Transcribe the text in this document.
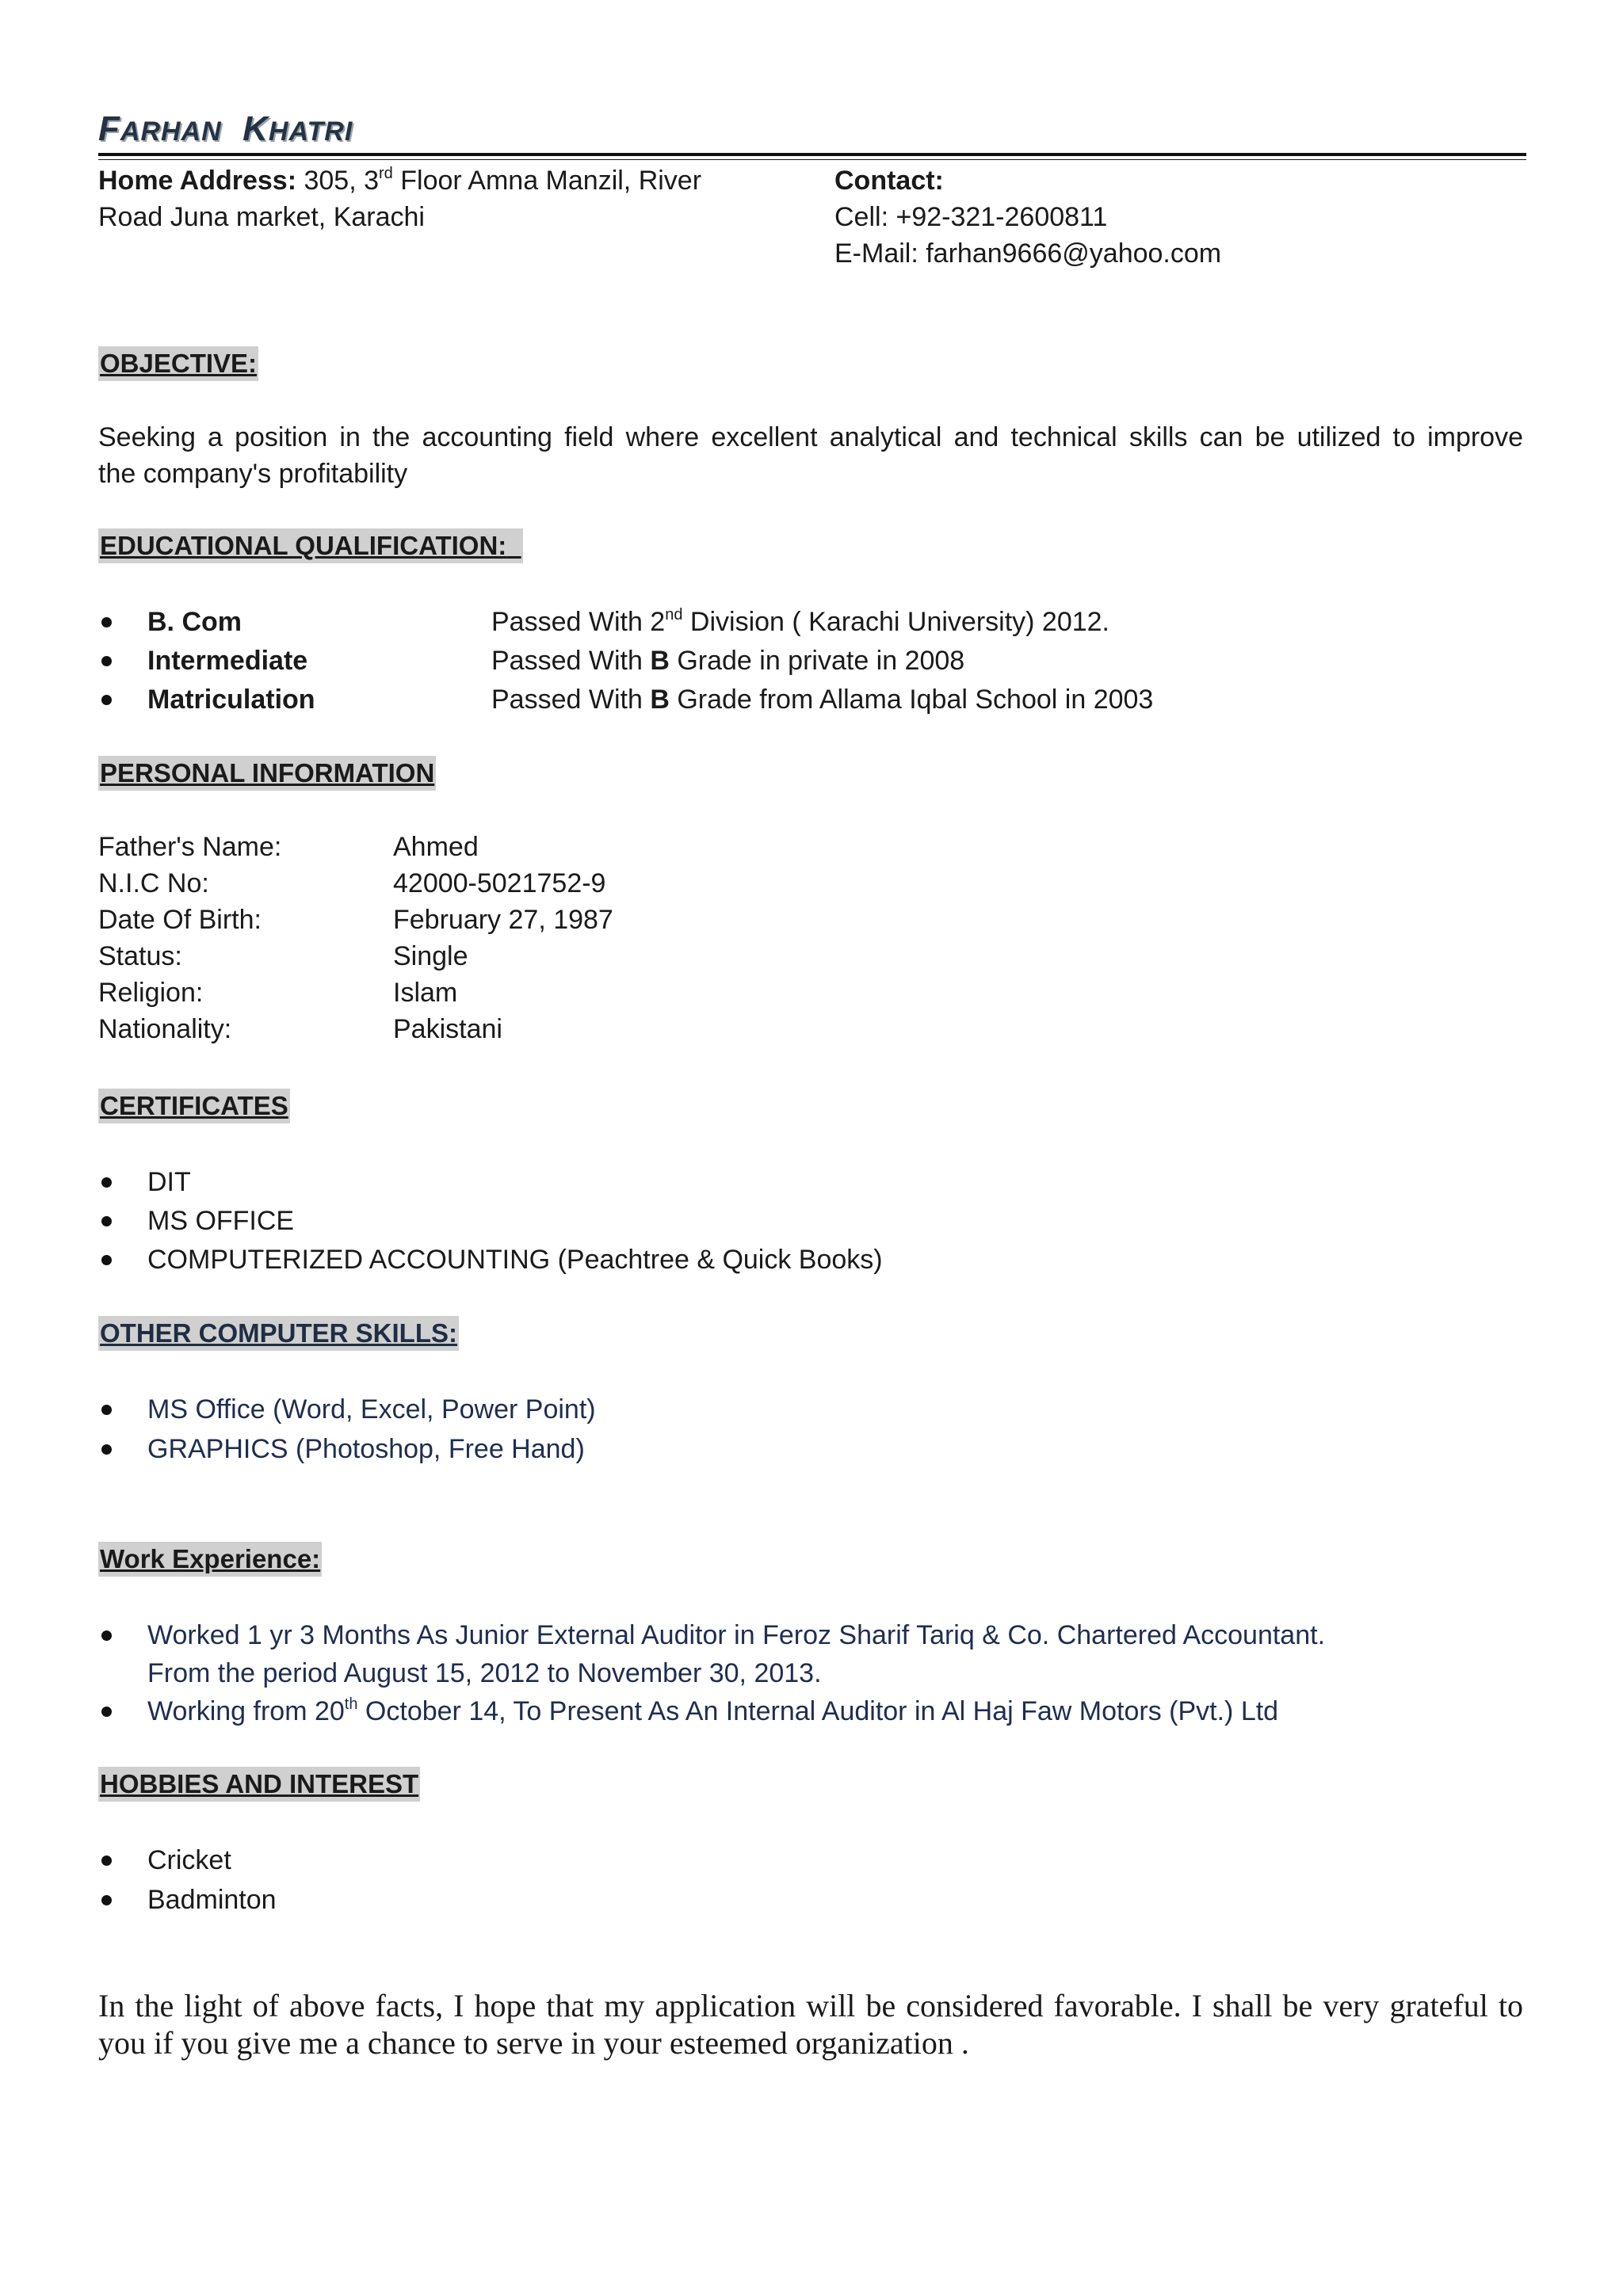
FARHAN KHATRI
Home Address: 305, 3rd Floor Amna Manzil, River
Road Juna market, Karachi
Contact:
Cell: +92-321-2600811
E-Mail: farhan9666@yahoo.com
OBJECTIVE:
Seeking a position in the accounting field where excellent analytical and technical skills can be utilized to improve
the company's profitability
EDUCATIONAL QUALIFICATION:
B. Com	Passed With 2nd Division ( Karachi University) 2012.
Intermediate	Passed With B Grade in private in 2008
Matriculation	Passed With B Grade from Allama Iqbal School in 2003
PERSONAL INFORMATION
Father's Name:	Ahmed
N.I.C No:	42000-5021752-9
Date Of Birth:	February 27, 1987
Status:	Single
Religion:	Islam
Nationality:	Pakistani
CERTIFICATES
DIT
MS OFFICE
COMPUTERIZED ACCOUNTING (Peachtree & Quick Books)
OTHER COMPUTER SKILLS:
MS Office (Word, Excel, Power Point)
GRAPHICS (Photoshop, Free Hand)
Work Experience:
Worked 1 yr 3 Months As Junior External Auditor in Feroz Sharif Tariq & Co. Chartered Accountant.
From the period August 15, 2012 to November 30, 2013.
Working from 20th October 14, To Present As An Internal Auditor in Al Haj Faw Motors (Pvt.) Ltd
HOBBIES AND INTEREST
Cricket
Badminton
In the light of above facts, I hope that my application will be considered favorable. I shall be very grateful to you if you give me a chance to serve in your esteemed organization .
